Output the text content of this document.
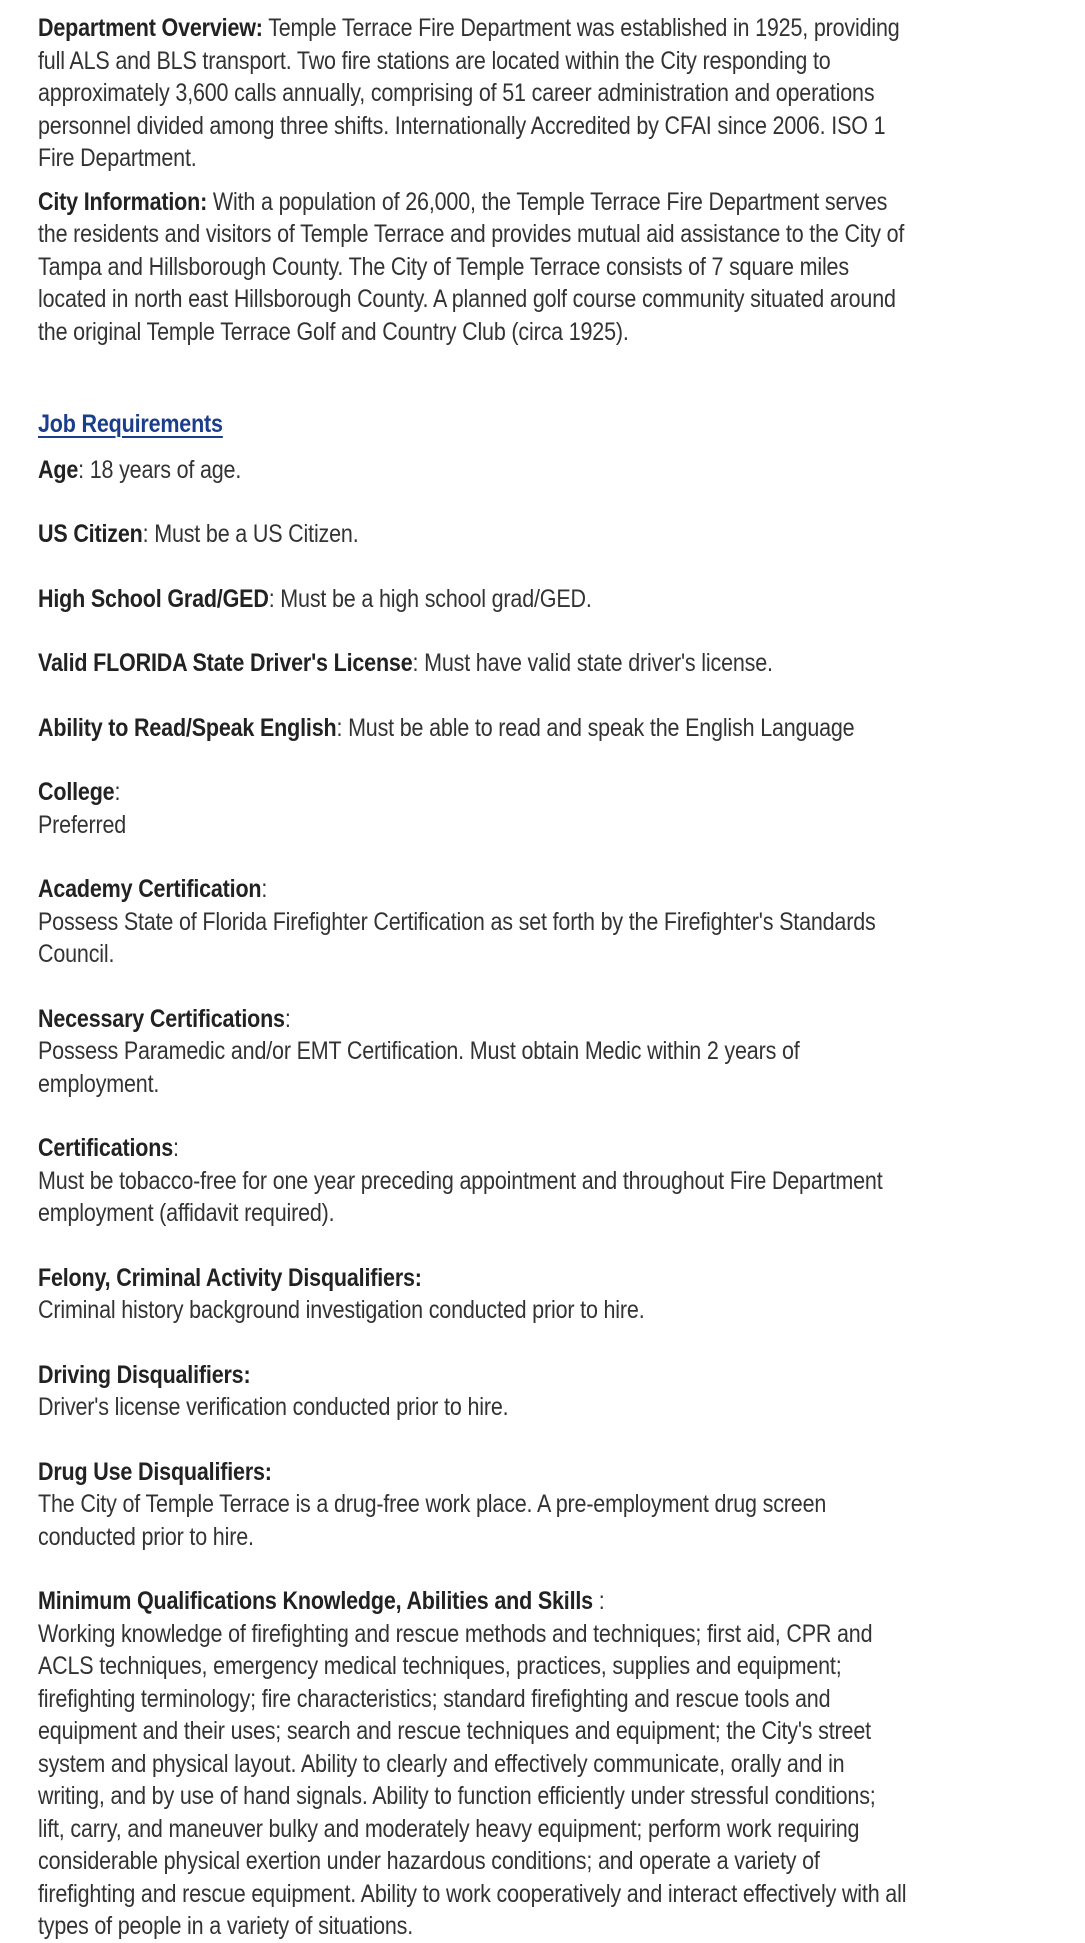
Department Overview: Temple Terrace Fire Department was established in 1925, providing full ALS and BLS transport. Two fire stations are located within the City responding to approximately 3,600 calls annually, comprising of 51 career administration and operations personnel divided among three shifts. Internationally Accredited by CFAI since 2006. ISO 1 Fire Department.

City Information: With a population of 26,000, the Temple Terrace Fire Department serves the residents and visitors of Temple Terrace and provides mutual aid assistance to the City of Tampa and Hillsborough County. The City of Temple Terrace consists of 7 square miles located in north east Hillsborough County. A planned golf course community situated around the original Temple Terrace Golf and Country Club (circa 1925).

Job Requirements

Age: 18 years of age.

US Citizen: Must be a US Citizen.

High School Grad/GED: Must be a high school grad/GED.

Valid FLORIDA State Driver's License: Must have valid state driver's license.

Ability to Read/Speak English: Must be able to read and speak the English Language

College:
Preferred

Academy Certification:
Possess State of Florida Firefighter Certification as set forth by the Firefighter's Standards Council.

Necessary Certifications:
Possess Paramedic and/or EMT Certification. Must obtain Medic within 2 years of employment.

Certifications:
Must be tobacco-free for one year preceding appointment and throughout Fire Department employment (affidavit required).

Felony, Criminal Activity Disqualifiers:
Criminal history background investigation conducted prior to hire.

Driving Disqualifiers:
Driver's license verification conducted prior to hire.

Drug Use Disqualifiers:
The City of Temple Terrace is a drug-free work place. A pre-employment drug screen conducted prior to hire.

Minimum Qualifications Knowledge, Abilities and Skills :
Working knowledge of firefighting and rescue methods and techniques; first aid, CPR and ACLS techniques, emergency medical techniques, practices, supplies and equipment; firefighting terminology; fire characteristics; standard firefighting and rescue tools and equipment and their uses; search and rescue techniques and equipment; the City's street system and physical layout. Ability to clearly and effectively communicate, orally and in writing, and by use of hand signals. Ability to function efficiently under stressful conditions; lift, carry, and maneuver bulky and moderately heavy equipment; perform work requiring considerable physical exertion under hazardous conditions; and operate a variety of firefighting and rescue equipment. Ability to work cooperatively and interact effectively with all types of people in a variety of situations.
